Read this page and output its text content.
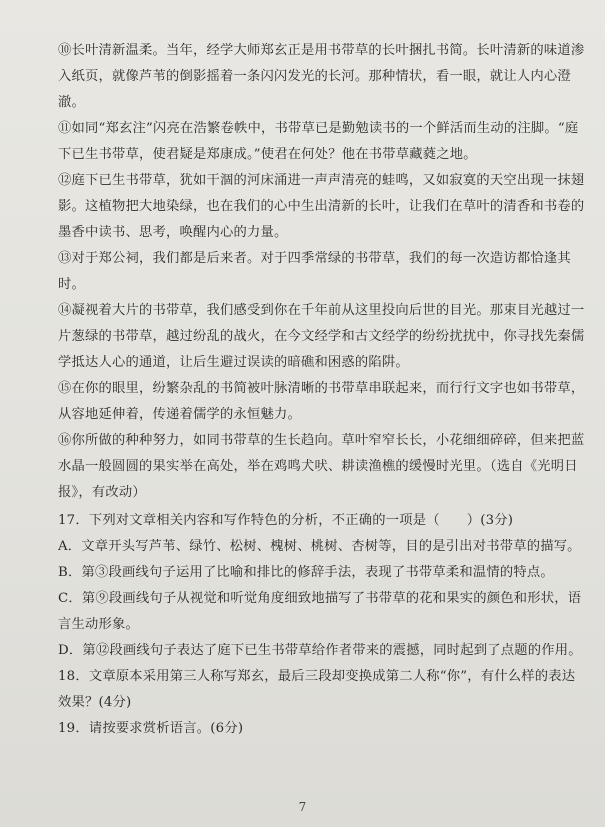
⑩长叶清新温柔。当年，经学大师郑玄正是用书带草的长叶捆扎书简。长叶清新的味道渗入纸页，就像芦苇的倒影摇着一条闪闪发光的长河。那种情状，看一眼，就让人内心澄澈。

⑪如同“郑玄注”闪亮在浩繁卷帙中，书带草已是勤勉读书的一个鲜活而生动的注脚。“庭下已生书带草，使君疑是郑康成。”使君在何处？他在书带草藏蕤之地。

⑫庭下已生书带草，犹如干涸的河床涌进一声声清亮的蛙鸣，又如寂寞的天空出现一抹翅影。这植物把大地染绿，也在我们的心中生出清新的长叶，让我们在草叶的清香和书卷的墨香中读书、思考，唤醒内心的力量。

⑬对于郑公祠，我们都是后来者。对于四季常绿的书带草，我们的每一次造访都恰逢其时。

⑭凝视着大片的书带草，我们感受到你在千年前从这里投向后世的目光。那束目光越过一片葱绿的书带草，越过纷乱的战火，在今文经学和古文经学的纷纷扰扰中，你寻找先秦儒学抵达人心的通道，让后生避过误读的暗礁和困惑的陷阱。

⑮在你的眼里，纷繁杂乱的书简被叶脉清晰的书带草串联起来，而行行文字也如书带草，从容地延伸着，传递着儒学的永恒魅力。

⑯你所做的种种努力，如同书带草的生长趋向。草叶窄窄长长，小花细细碎碎，但来把蓝水晶一般圆圆的果实举在高处，举在鸡鸣犬吠、耕读渔樵的缓慢时光里。（选自《光明日报》，有改动）

17．下列对文章相关内容和写作特色的分析，不正确的一项是（　　）(3分)

A．文章开头写芦苇、绿竹、松树、槐树、桃树、杏树等，目的是引出对书带草的描写。

B．第③段画线句子运用了比喻和排比的修辞手法，表现了书带草柔和温情的特点。

C．第⑨段画线句子从视觉和听觉角度细致地描写了书带草的花和果实的颜色和形状，语言生动形象。

D．第⑫段画线句子表达了庭下已生书带草给作者带来的震撼，同时起到了点题的作用。

18．文章原本采用第三人称写郑玄，最后三段却变换成第二人称“你”，有什么样的表达效果？(4分)

19．请按要求赏析语言。(6分)

7
